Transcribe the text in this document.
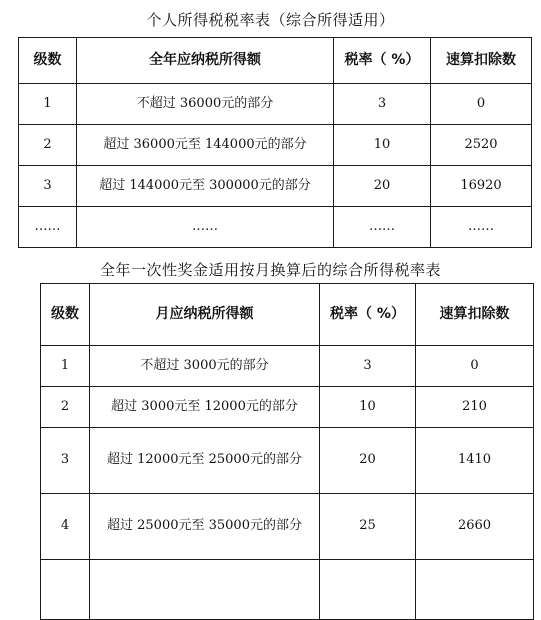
个人所得税税率表（综合所得适用）
级数	全年应纳税所得额	税率（ %）	速算扣除数
1	不超过 36000元的部分	3	0
2	超过 36000元至 144000元的部分	10	2520
3	超过 144000元至 300000元的部分	20	16920
……	……	……	……
全年一次性奖金适用按月换算后的综合所得税率表
级数	月应纳税所得额	税率（ %）	速算扣除数
1	不超过 3000元的部分	3	0
2	超过 3000元至 12000元的部分	10	210
3	超过 12000元至 25000元的部分	20	1410
4	超过 25000元至 35000元的部分	25	2660
